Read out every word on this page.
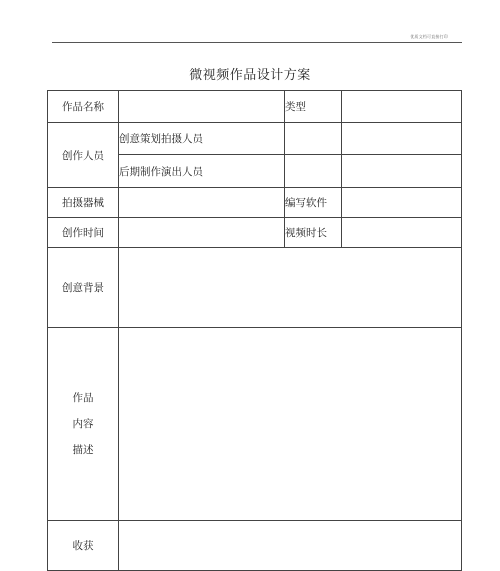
优质文档可直接打印
微视频作品设计方案
作品名称		类型	
创作人员	创意策划拍摄人员		
	后期制作演出人员		
拍摄器械		编写软件	
创作时间		视频时长	
创意背景			

作品
内容
描述			

收获			
